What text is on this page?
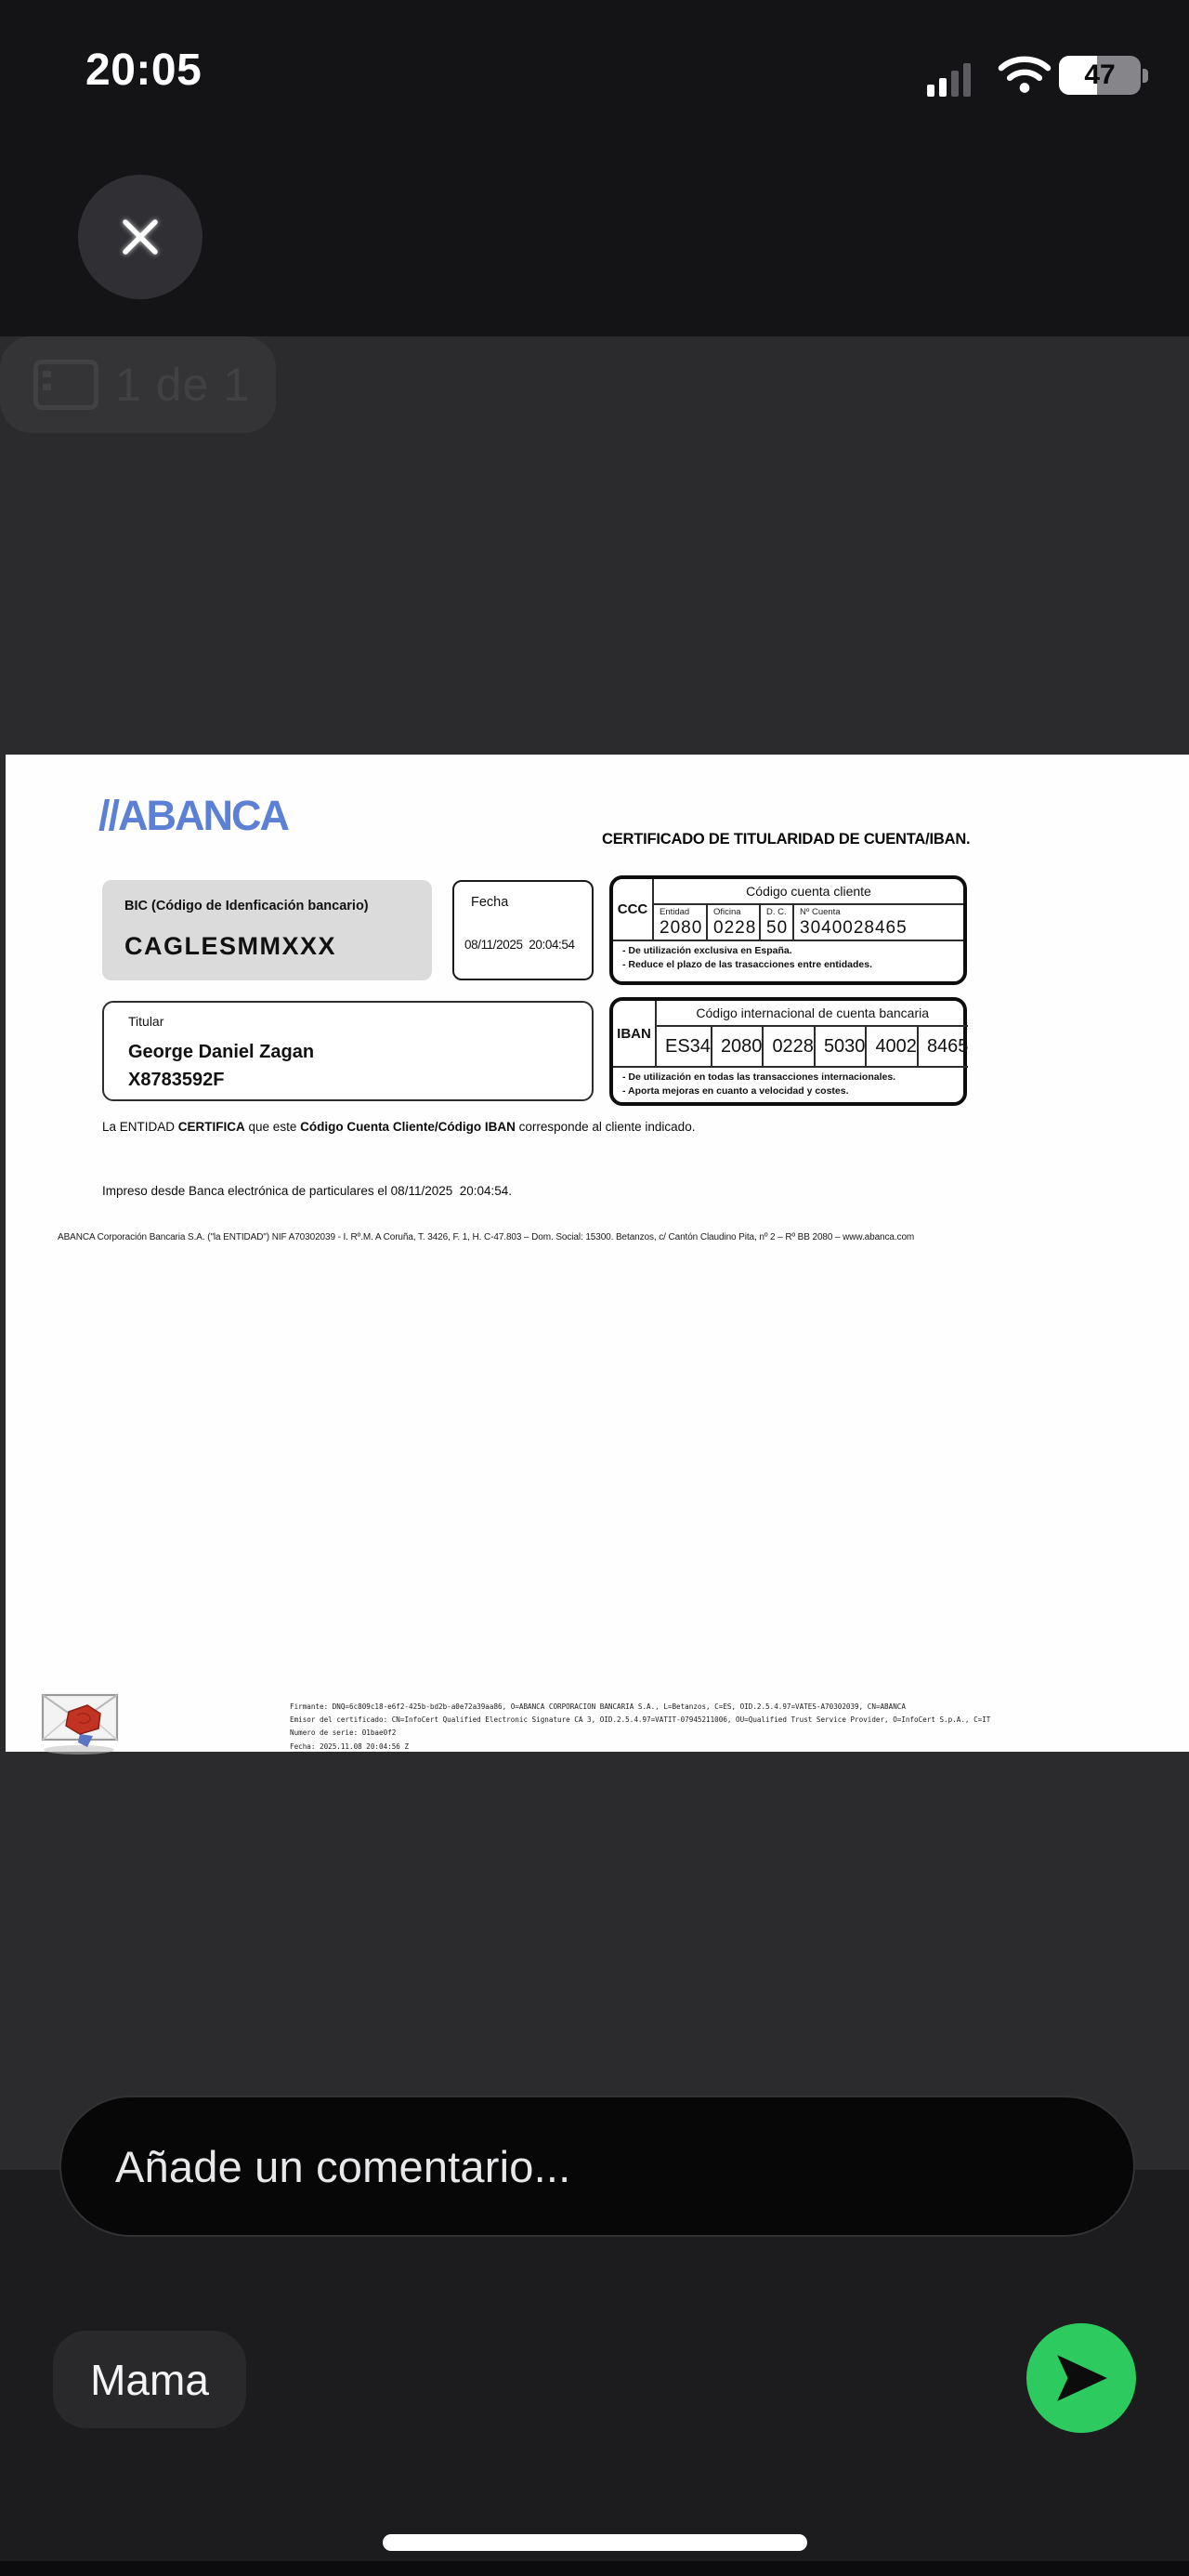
20:05	47
1 de 1
//ABANCA	CERTIFICADO DE TITULARIDAD DE CUENTA/IBAN.
BIC (Código de Idenficación bancario)
CAGLESMMXXX
Fecha
08/11/2025  20:04:54
CCC
Código cuenta cliente
Entidad
2080
Oficina
0228
D. C.
50
Nº Cuenta
3040028465
- De utilización exclusiva en España.
- Reduce el plazo de las trasacciones entre entidades.
Titular
George Daniel Zagan
X8783592F
IBAN
Código internacional de cuenta bancaria
ES34 2080 0228 5030 4002 8465
- De utilización en todas las transacciones internacionales.
- Aporta mejoras en cuanto a velocidad y costes.
La ENTIDAD CERTIFICA que este Código Cuenta Cliente/Código IBAN corresponde al cliente indicado.
Impreso desde Banca electrónica de particulares el 08/11/2025  20:04:54.
ABANCA Corporación Bancaria S.A. ("la ENTIDAD") NIF A70302039 - I. Rº.M. A Coruña, T. 3426, F. 1, H. C-47.803 – Dom. Social: 15300. Betanzos, c/ Cantón Claudino Pita, nº 2 – Rº BB 2080 – www.abanca.com
Firmante: DNQ=6c809c18-e6f2-425b-bd2b-a0e72a39aa86, O=ABANCA CORPORACION BANCARIA S.A., L=Betanzos, C=ES, OID.2.5.4.97=VATES-A70302039, CN=ABANCA
Emisor del certificado: CN=InfoCert Qualified Electronic Signature CA 3, OID.2.5.4.97=VATIT-07945211006, OU=Qualified Trust Service Provider, O=InfoCert S.p.A., C=IT
Numero de serie: 01bae0f2
Fecha: 2025.11.08 20:04:56 Z
Añade un comentario...
Mama
